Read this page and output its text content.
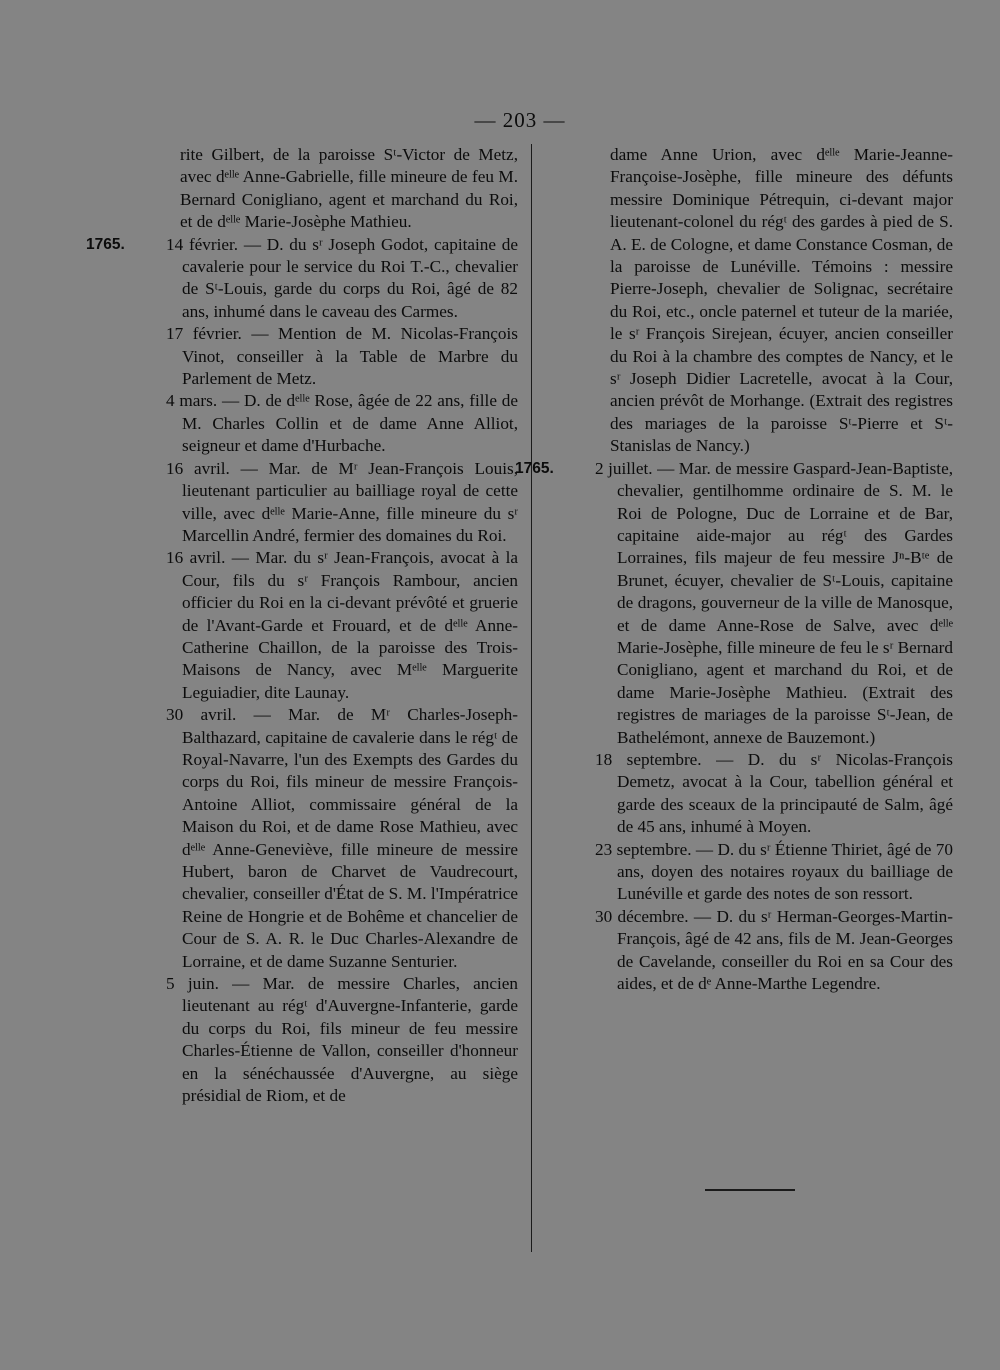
— 203 —
rite Gilbert, de la paroisse Sᵗ-Victor de Metz, avec dᵉˡˡᵉ Anne-Gabrielle, fille mineure de feu M. Bernard Conigliano, agent et marchand du Roi, et de dᵉˡˡᵉ Marie-Josèphe Mathieu.
1765. 14 février. — D. du sʳ Joseph Godot, capitaine de cavalerie pour le service du Roi T.-C., chevalier de Sᵗ-Louis, garde du corps du Roi, âgé de 82 ans, inhumé dans le caveau des Carmes.
17 février. — Mention de M. Nicolas-François Vinot, conseiller à la Table de Marbre du Parlement de Metz.
4 mars. — D. de dᵉˡˡᵉ Rose, âgée de 22 ans, fille de M. Charles Collin et de dame Anne Alliot, seigneur et dame d'Hurbache.
16 avril. — Mar. de Mʳ Jean-François Louis, lieutenant particulier au bailliage royal de cette ville, avec dᵉˡˡᵉ Marie-Anne, fille mineure du sʳ Marcellin André, fermier des domaines du Roi.
16 avril. — Mar. du sʳ Jean-François, avocat à la Cour, fils du sʳ François Rambour, ancien officier du Roi en la ci-devant prévôté et gruerie de l'Avant-Garde et Frouard, et de dᵉˡˡᵉ Anne-Catherine Chaillon, de la paroisse des Trois-Maisons de Nancy, avec Mᵉˡˡᵉ Marguerite Leguiadier, dite Launay.
30 avril. — Mar. de Mʳ Charles-Joseph-Balthazard, capitaine de cavalerie dans le régᵗ de Royal-Navarre, l'un des Exempts des Gardes du corps du Roi, fils mineur de messire François-Antoine Alliot, commissaire général de la Maison du Roi, et de dame Rose Mathieu, avec dᵉˡˡᵉ Anne-Geneviève, fille mineure de messire Hubert, baron de Charvet de Vaudrecourt, chevalier, conseiller d'État de S. M. l'Impératrice Reine de Hongrie et de Bohême et chancelier de Cour de S. A. R. le Duc Charles-Alexandre de Lorraine, et de dame Suzanne Senturier.
5 juin. — Mar. de messire Charles, ancien lieutenant au régᵗ d'Auvergne-Infanterie, garde du corps du Roi, fils mineur de feu messire Charles-Étienne de Vallon, conseiller d'honneur en la sénéchaussée d'Auvergne, au siège présidial de Riom, et de
dame Anne Urion, avec dᵉˡˡᵉ Marie-Jeanne-Françoise-Josèphe, fille mineure des défunts messire Dominique Pétrequin, ci-devant major lieutenant-colonel du régᵗ des gardes à pied de S. A. E. de Cologne, et dame Constance Cosman, de la paroisse de Lunéville. Témoins : messire Pierre-Joseph, chevalier de Solignac, secrétaire du Roi, etc., oncle paternel et tuteur de la mariée, le sʳ François Sirejean, écuyer, ancien conseiller du Roi à la chambre des comptes de Nancy, et le sʳ Joseph Didier Lacretelle, avocat à la Cour, ancien prévôt de Morhange. (Extrait des registres des mariages de la paroisse Sᵗ-Pierre et Sᵗ-Stanislas de Nancy.)
1765. 2 juillet. — Mar. de messire Gaspard-Jean-Baptiste, chevalier, gentilhomme ordinaire de S. M. le Roi de Pologne, Duc de Lorraine et de Bar, capitaine aide-major au régᵗ des Gardes Lorraines, fils majeur de feu messire Jⁿ-Bᵗᵉ de Brunet, écuyer, chevalier de Sᵗ-Louis, capitaine de dragons, gouverneur de la ville de Manosque, et de dame Anne-Rose de Salve, avec dᵉˡˡᵉ Marie-Josèphe, fille mineure de feu le sʳ Bernard Conigliano, agent et marchand du Roi, et de dame Marie-Josèphe Mathieu. (Extrait des registres de mariages de la paroisse Sᵗ-Jean, de Bathelémont, annexe de Bauzemont.)
18 septembre. — D. du sʳ Nicolas-François Demetz, avocat à la Cour, tabellion général et garde des sceaux de la principauté de Salm, âgé de 45 ans, inhumé à Moyen.
23 septembre. — D. du sʳ Étienne Thiriet, âgé de 70 ans, doyen des notaires royaux du bailliage de Lunéville et garde des notes de son ressort.
30 décembre. — D. du sʳ Herman-Georges-Martin-François, âgé de 42 ans, fils de M. Jean-Georges de Cavelande, conseiller du Roi en sa Cour des aides, et de dᵉ Anne-Marthe Legendre.
